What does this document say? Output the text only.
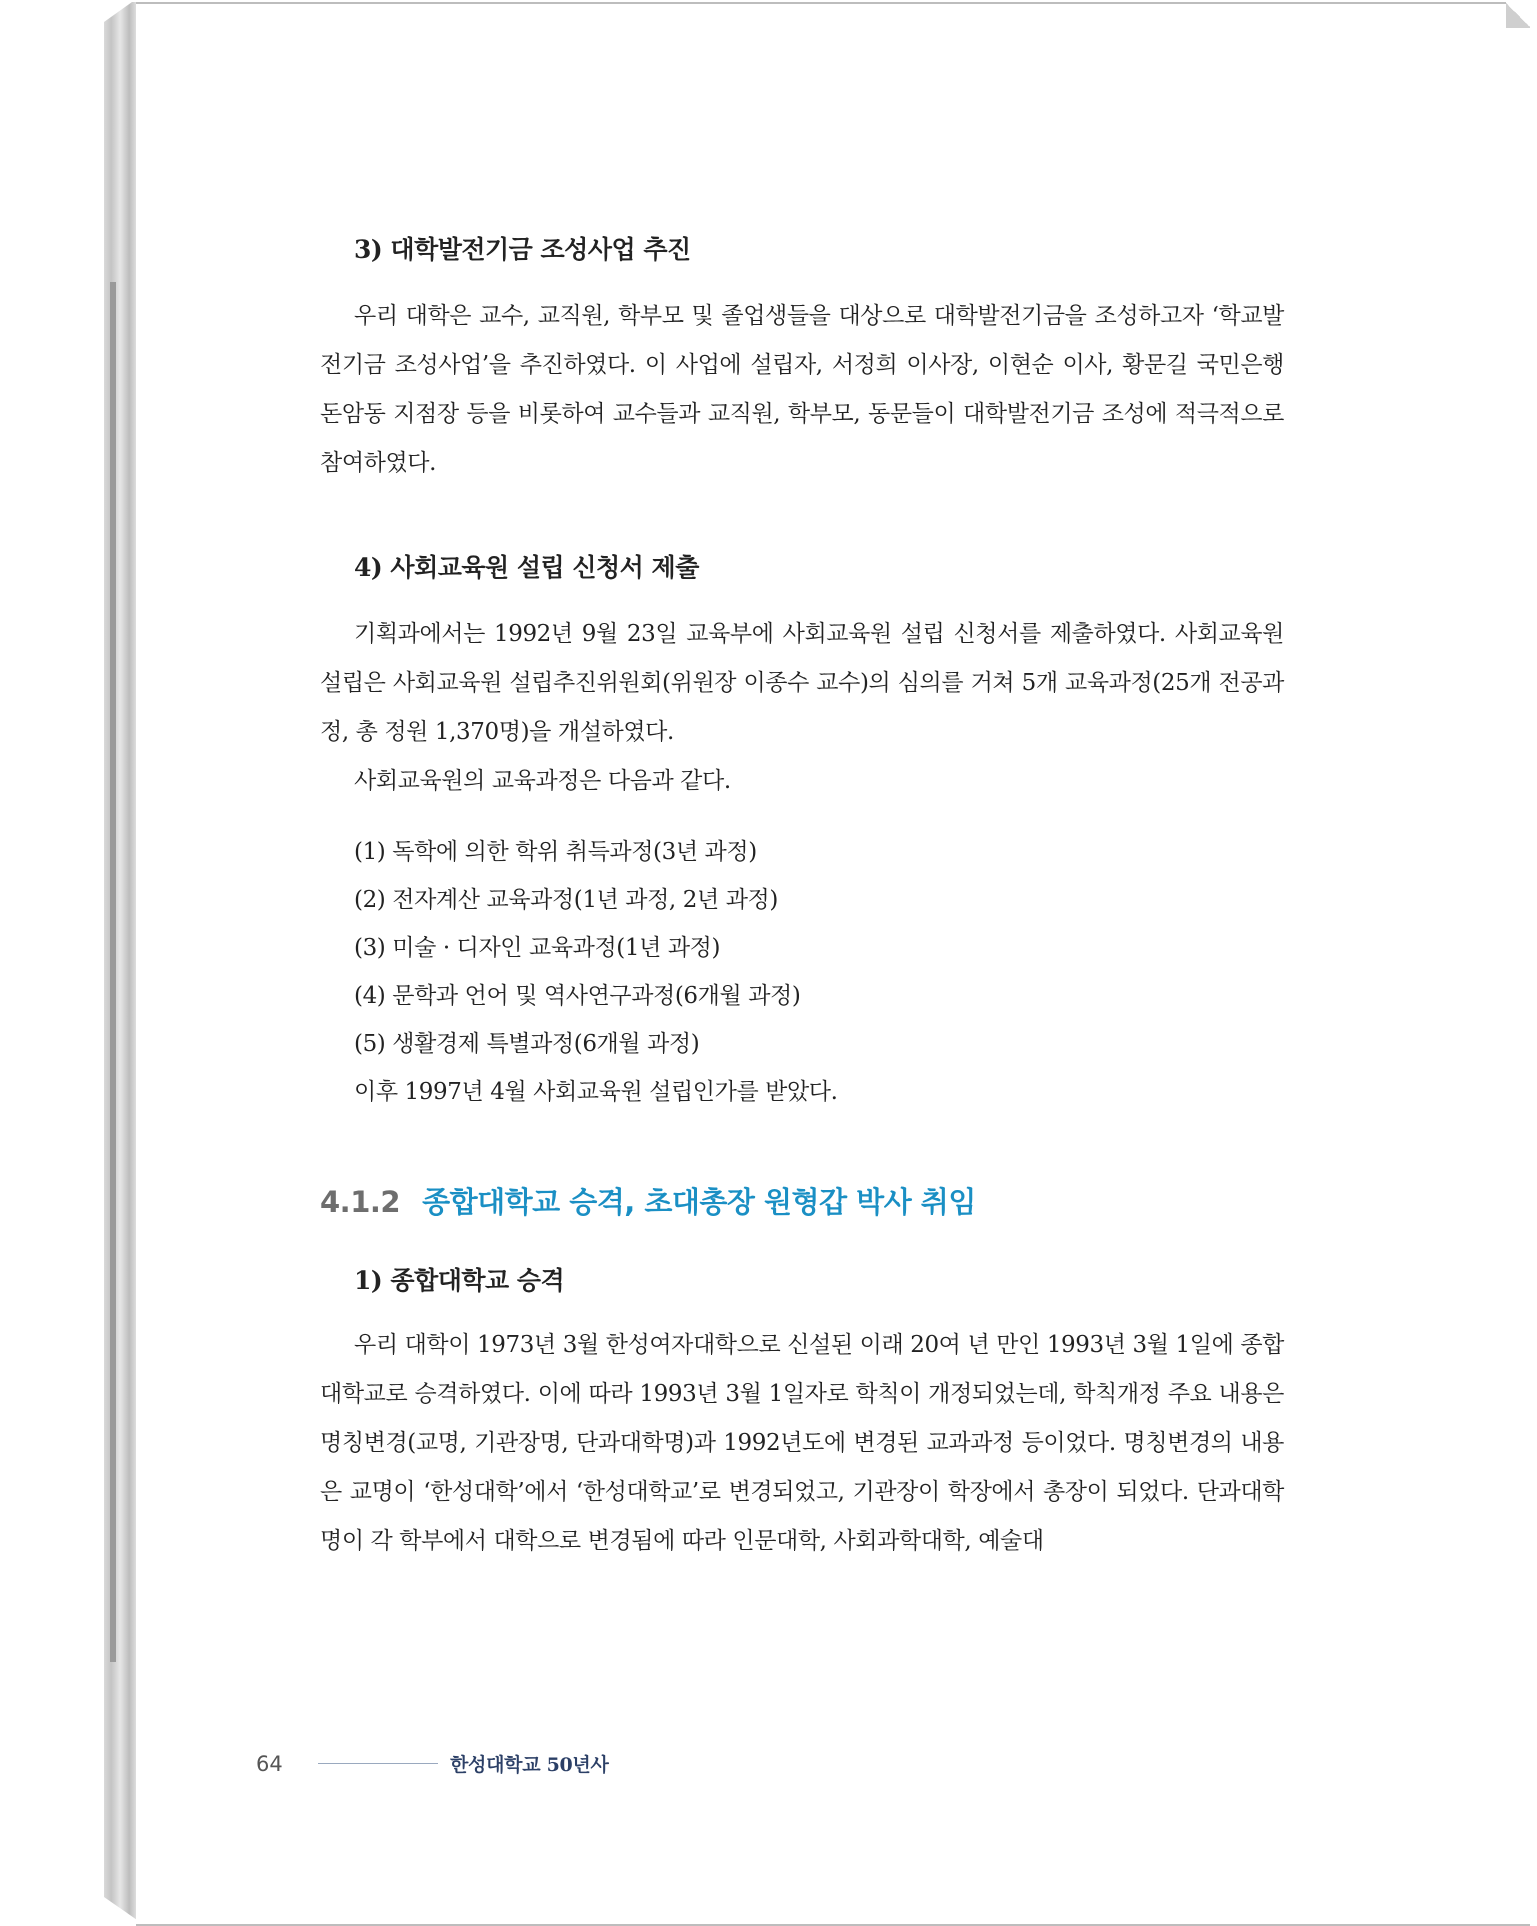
3) 대학발전기금 조성사업 추진

우리 대학은 교수, 교직원, 학부모 및 졸업생들을 대상으로 대학발전기금을 조성하고자 ‘학교발전기금 조성사업’을 추진하였다. 이 사업에 설립자, 서정희 이사장, 이현순 이사, 황문길 국민은행 돈암동 지점장 등을 비롯하여 교수들과 교직원, 학부모, 동문들이 대학발전기금 조성에 적극적으로 참여하였다.

4) 사회교육원 설립 신청서 제출

기획과에서는 1992년 9월 23일 교육부에 사회교육원 설립 신청서를 제출하였다. 사회교육원 설립은 사회교육원 설립추진위원회(위원장 이종수 교수)의 심의를 거쳐 5개 교육과정(25개 전공과정, 총 정원 1,370명)을 개설하였다.

사회교육원의 교육과정은 다음과 같다.

(1) 독학에 의한 학위 취득과정(3년 과정)
(2) 전자계산 교육과정(1년 과정, 2년 과정)
(3) 미술 · 디자인 교육과정(1년 과정)
(4) 문학과 언어 및 역사연구과정(6개월 과정)
(5) 생활경제 특별과정(6개월 과정)
이후 1997년 4월 사회교육원 설립인가를 받았다.
4.1.2 종합대학교 승격, 초대총장 원형갑 박사 취임
1) 종합대학교 승격

우리 대학이 1973년 3월 한성여자대학으로 신설된 이래 20여 년 만인 1993년 3월 1일에 종합대학교로 승격하였다. 이에 따라 1993년 3월 1일자로 학칙이 개정되었는데, 학칙개정 주요 내용은 명칭변경(교명, 기관장명, 단과대학명)과 1992년도에 변경된 교과과정 등이었다. 명칭변경의 내용은 교명이 ‘한성대학’에서 ‘한성대학교’로 변경되었고, 기관장이 학장에서 총장이 되었다. 단과대학명이 각 학부에서 대학으로 변경됨에 따라 인문대학, 사회과학대학, 예술대

64	한성대학교 50년사
